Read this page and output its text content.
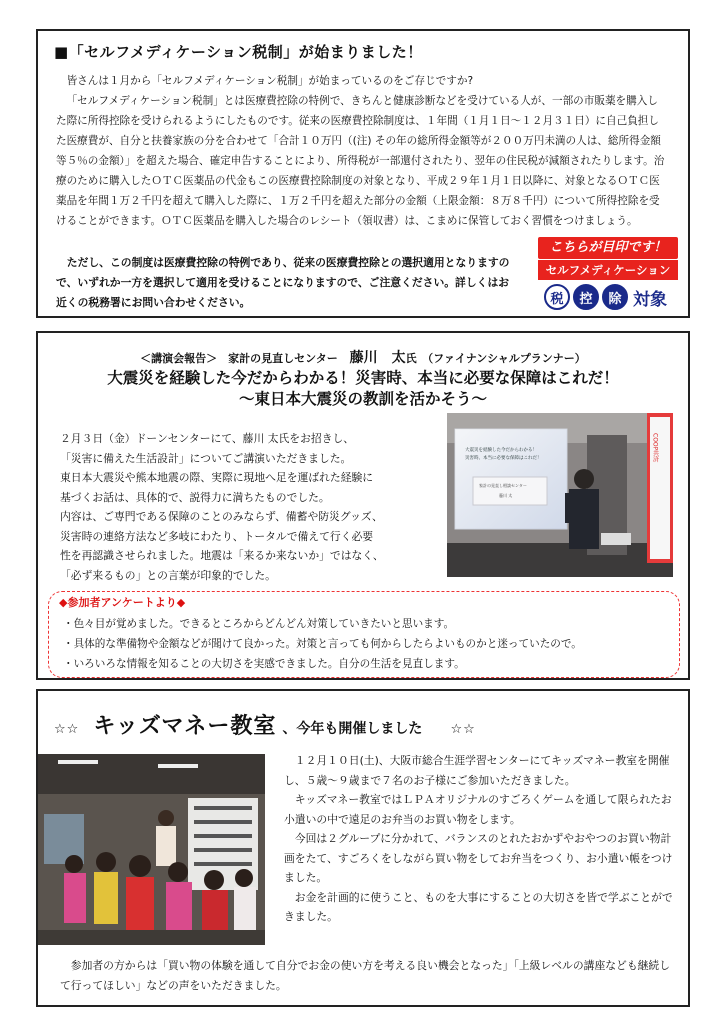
■「セルフメディケーション税制」が始まりました！

皆さんは１月から「セルフメディケーション税制」が始まっているのをご存じですか?

「セルフメディケーション税制」とは医療費控除の特例で、きちんと健康診断などを受けている人が、一部の市販薬を購入した際に所得控除を受けられるようにしたものです。従来の医療費控除制度は、１年間（１月１日～１２月３１日）に自己負担した医療費が、自分と扶養家族の分を合わせて「合計１０万円（(注) その年の総所得金額等が２００万円未満の人は、総所得金額等５％の金額）」を超えた場合、確定申告することにより、所得税が一部還付されたり、翌年の住民税が減額されたりします。治療のために購入したＯＴＣ医薬品の代金もこの医療費控除制度の対象となり、平成２９年１月１日以降に、対象となるＯＴＣ医薬品を年間１万２千円を超えて購入した際に、１万２千円を超えた部分の金額（上限金額：８万８千円）について所得控除を受けることができます。ＯＴＣ医薬品を購入した場合のレシート（領収書）は、こまめに保管しておく習慣をつけましょう。

ただし、この制度は医療費控除の特例であり、従来の医療費控除との選択適用となりますので、いずれか一方を選択して適用を受けることになりますので、ご注意ください。詳しくはお近くの税務署にお問い合わせください。
こちらが目印です！
セルフメディケーション
税	控	除 対象
＜講演会報告＞　家計の見直しセンター 藤川　太氏　（ファイナンシャルプランナー）
大震災を経験した今だからわかる！災害時、本当に必要な保障はこれだ！
～東日本大震災の教訓を活かそう～
２月３日（金）ドーンセンターにて、藤川 太氏をお招きし、
「災害に備えた生活設計」についてご講演いただきました。
東日本大震災や熊本地震の際、実際に現地へ足を運ばれた経験に
基づくお話は、具体的で、説得力に満ちたものでした。
内容は、ご専門である保障のことのみならず、備蓄や防災グッズ、
災害時の連絡方法など多岐にわたり、トータルで備えて行く必要
性を再認識させられました。地震は「来るか来ないか」ではなく、
「必ず来るもの」との言葉が印象的でした。
大震災を経験した今だからわかる！
災害時、本当に必要な保障はこれだ！
家計の見直し相談センター
藤川 太
COOP共済
◆参加者アンケートより◆
・色々目が覚めました。できるところからどんどん対策していきたいと思います。
・具体的な準備物や金額などが聞けて良かった。対策と言っても何からしたらよいものかと迷っていたので。
・いろいろな情報を知ることの大切さを実感できました。自分の生活を見直します。
☆☆ キッズマネー教室 、今年も開催しました ☆☆

１２月１０日(土)、大阪市総合生涯学習センターにてキッズマネー教室を開催し、５歳～９歳まで７名のお子様にご参加いただきました。

キッズマネー教室ではＬＰＡオリジナルのすごろくゲームを通して限られたお小遣いの中で遠足のお弁当のお買い物をします。

今回は２グループに分かれて、バランスのとれたおかずやおやつのお買い物計画をたて、すごろくをしながら買い物をしてお弁当をつくり、お小遣い帳をつけました。

お金を計画的に使うこと、ものを大事にすることの大切さを皆で学ぶことができました。

参加者の方からは「買い物の体験を通して自分でお金の使い方を考える良い機会となった」「上級レベルの講座なども継続して行ってほしい」などの声をいただきました。
